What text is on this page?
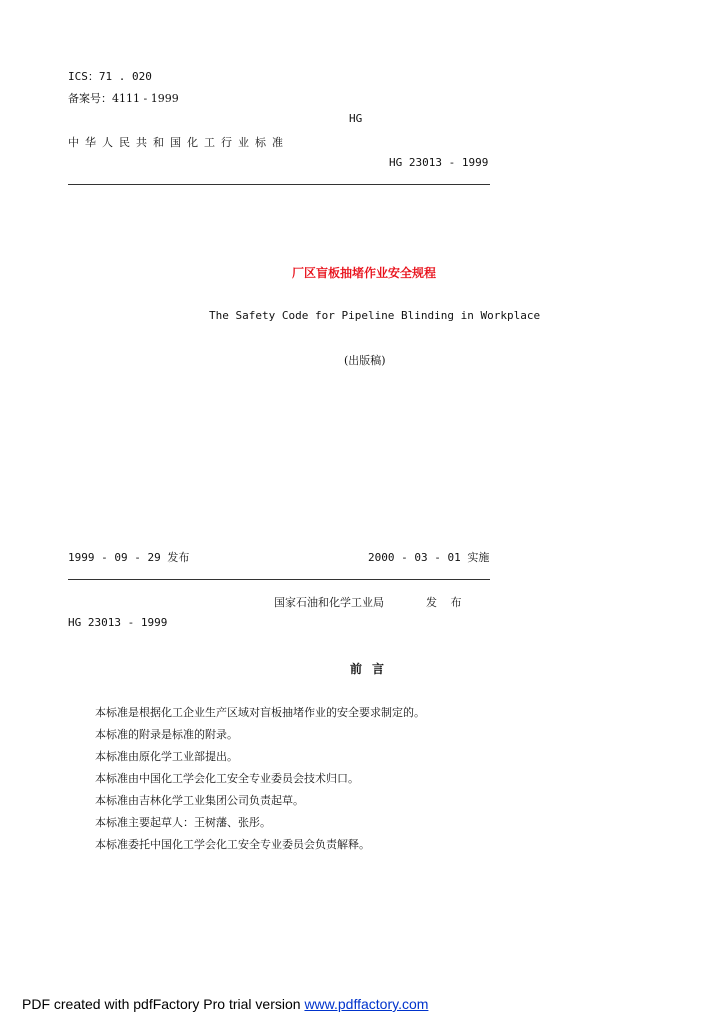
ICS：71 . 020
备案号：4111 - 1999
HG
中华人民共和国化工行业标准
HG 23013 - 1999
厂区盲板抽堵作业安全规程
The Safety Code for Pipeline Blinding in Workplace
(出版稿)
1999 - 09 - 29 发布	2000 - 03 - 01 实施
国家石油和化学工业局	发 布
HG 23013 - 1999
前言
本标准是根据化工企业生产区域对盲板抽堵作业的安全要求制定的。
本标准的附录是标准的附录。
本标准由原化学工业部提出。
本标准由中国化工学会化工安全专业委员会技术归口。
本标准由吉林化学工业集团公司负责起草。
本标准主要起草人：王树藩、张彤。
本标准委托中国化工学会化工安全专业委员会负责解释。
PDF created with pdfFactory Pro trial version www.pdffactory.com
